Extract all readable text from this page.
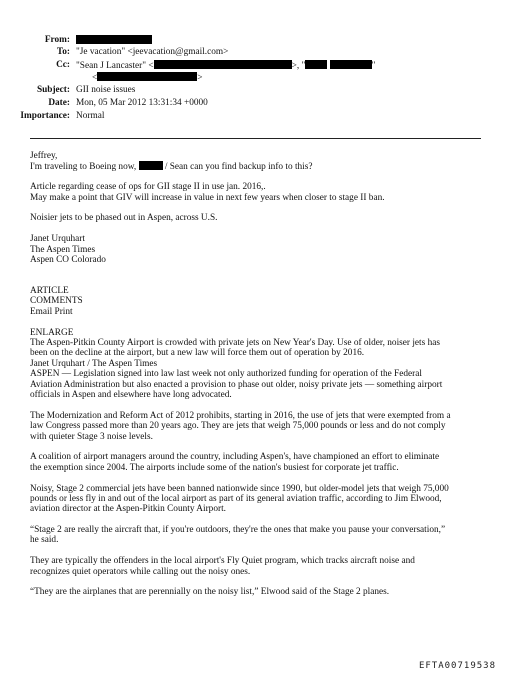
From:
To: "Je vacation" <jeevacation@gmail.com>
Cc: "Sean J Lancaster" <	>, "	"
<	>
Subject: GII noise issues
Date: Mon, 05 Mar 2012 13:31:34 +0000
Importance: Normal
Jeffrey,
I'm traveling to Boeing now,	/ Sean can you find backup info to this?
Article regarding cease of ops for GII stage II in use jan. 2016,.
May make a point that GIV will increase in value in next few years when closer to stage II ban.
Noisier jets to be phased out in Aspen, across U.S.
Janet Urquhart
The Aspen Times
Aspen CO Colorado
ARTICLE
COMMENTS
Email Print
ENLARGE
The Aspen-Pitkin County Airport is crowded with private jets on New Year's Day. Use of older, noiser jets has
been on the decline at the airport, but a new law will force them out of operation by 2016.
Janet Urquhart / The Aspen Times
ASPEN — Legislation signed into law last week not only authorized funding for operation of the Federal
Aviation Administration but also enacted a provision to phase out older, noisy private jets — something airport
officials in Aspen and elsewhere have long advocated.
The Modernization and Reform Act of 2012 prohibits, starting in 2016, the use of jets that were exempted from a
law Congress passed more than 20 years ago. They are jets that weigh 75,000 pounds or less and do not comply
with quieter Stage 3 noise levels.
A coalition of airport managers around the country, including Aspen's, have championed an effort to eliminate
the exemption since 2004. The airports include some of the nation's busiest for corporate jet traffic.
Noisy, Stage 2 commercial jets have been banned nationwide since 1990, but older-model jets that weigh 75,000
pounds or less fly in and out of the local airport as part of its general aviation traffic, according to Jim Elwood,
aviation director at the Aspen-Pitkin County Airport.
“Stage 2 are really the aircraft that, if you're outdoors, they're the ones that make you pause your conversation,”
he said.
They are typically the offenders in the local airport's Fly Quiet program, which tracks aircraft noise and
recognizes quiet operators while calling out the noisy ones.
“They are the airplanes that are perennially on the noisy list,” Elwood said of the Stage 2 planes.
EFTA00719538
